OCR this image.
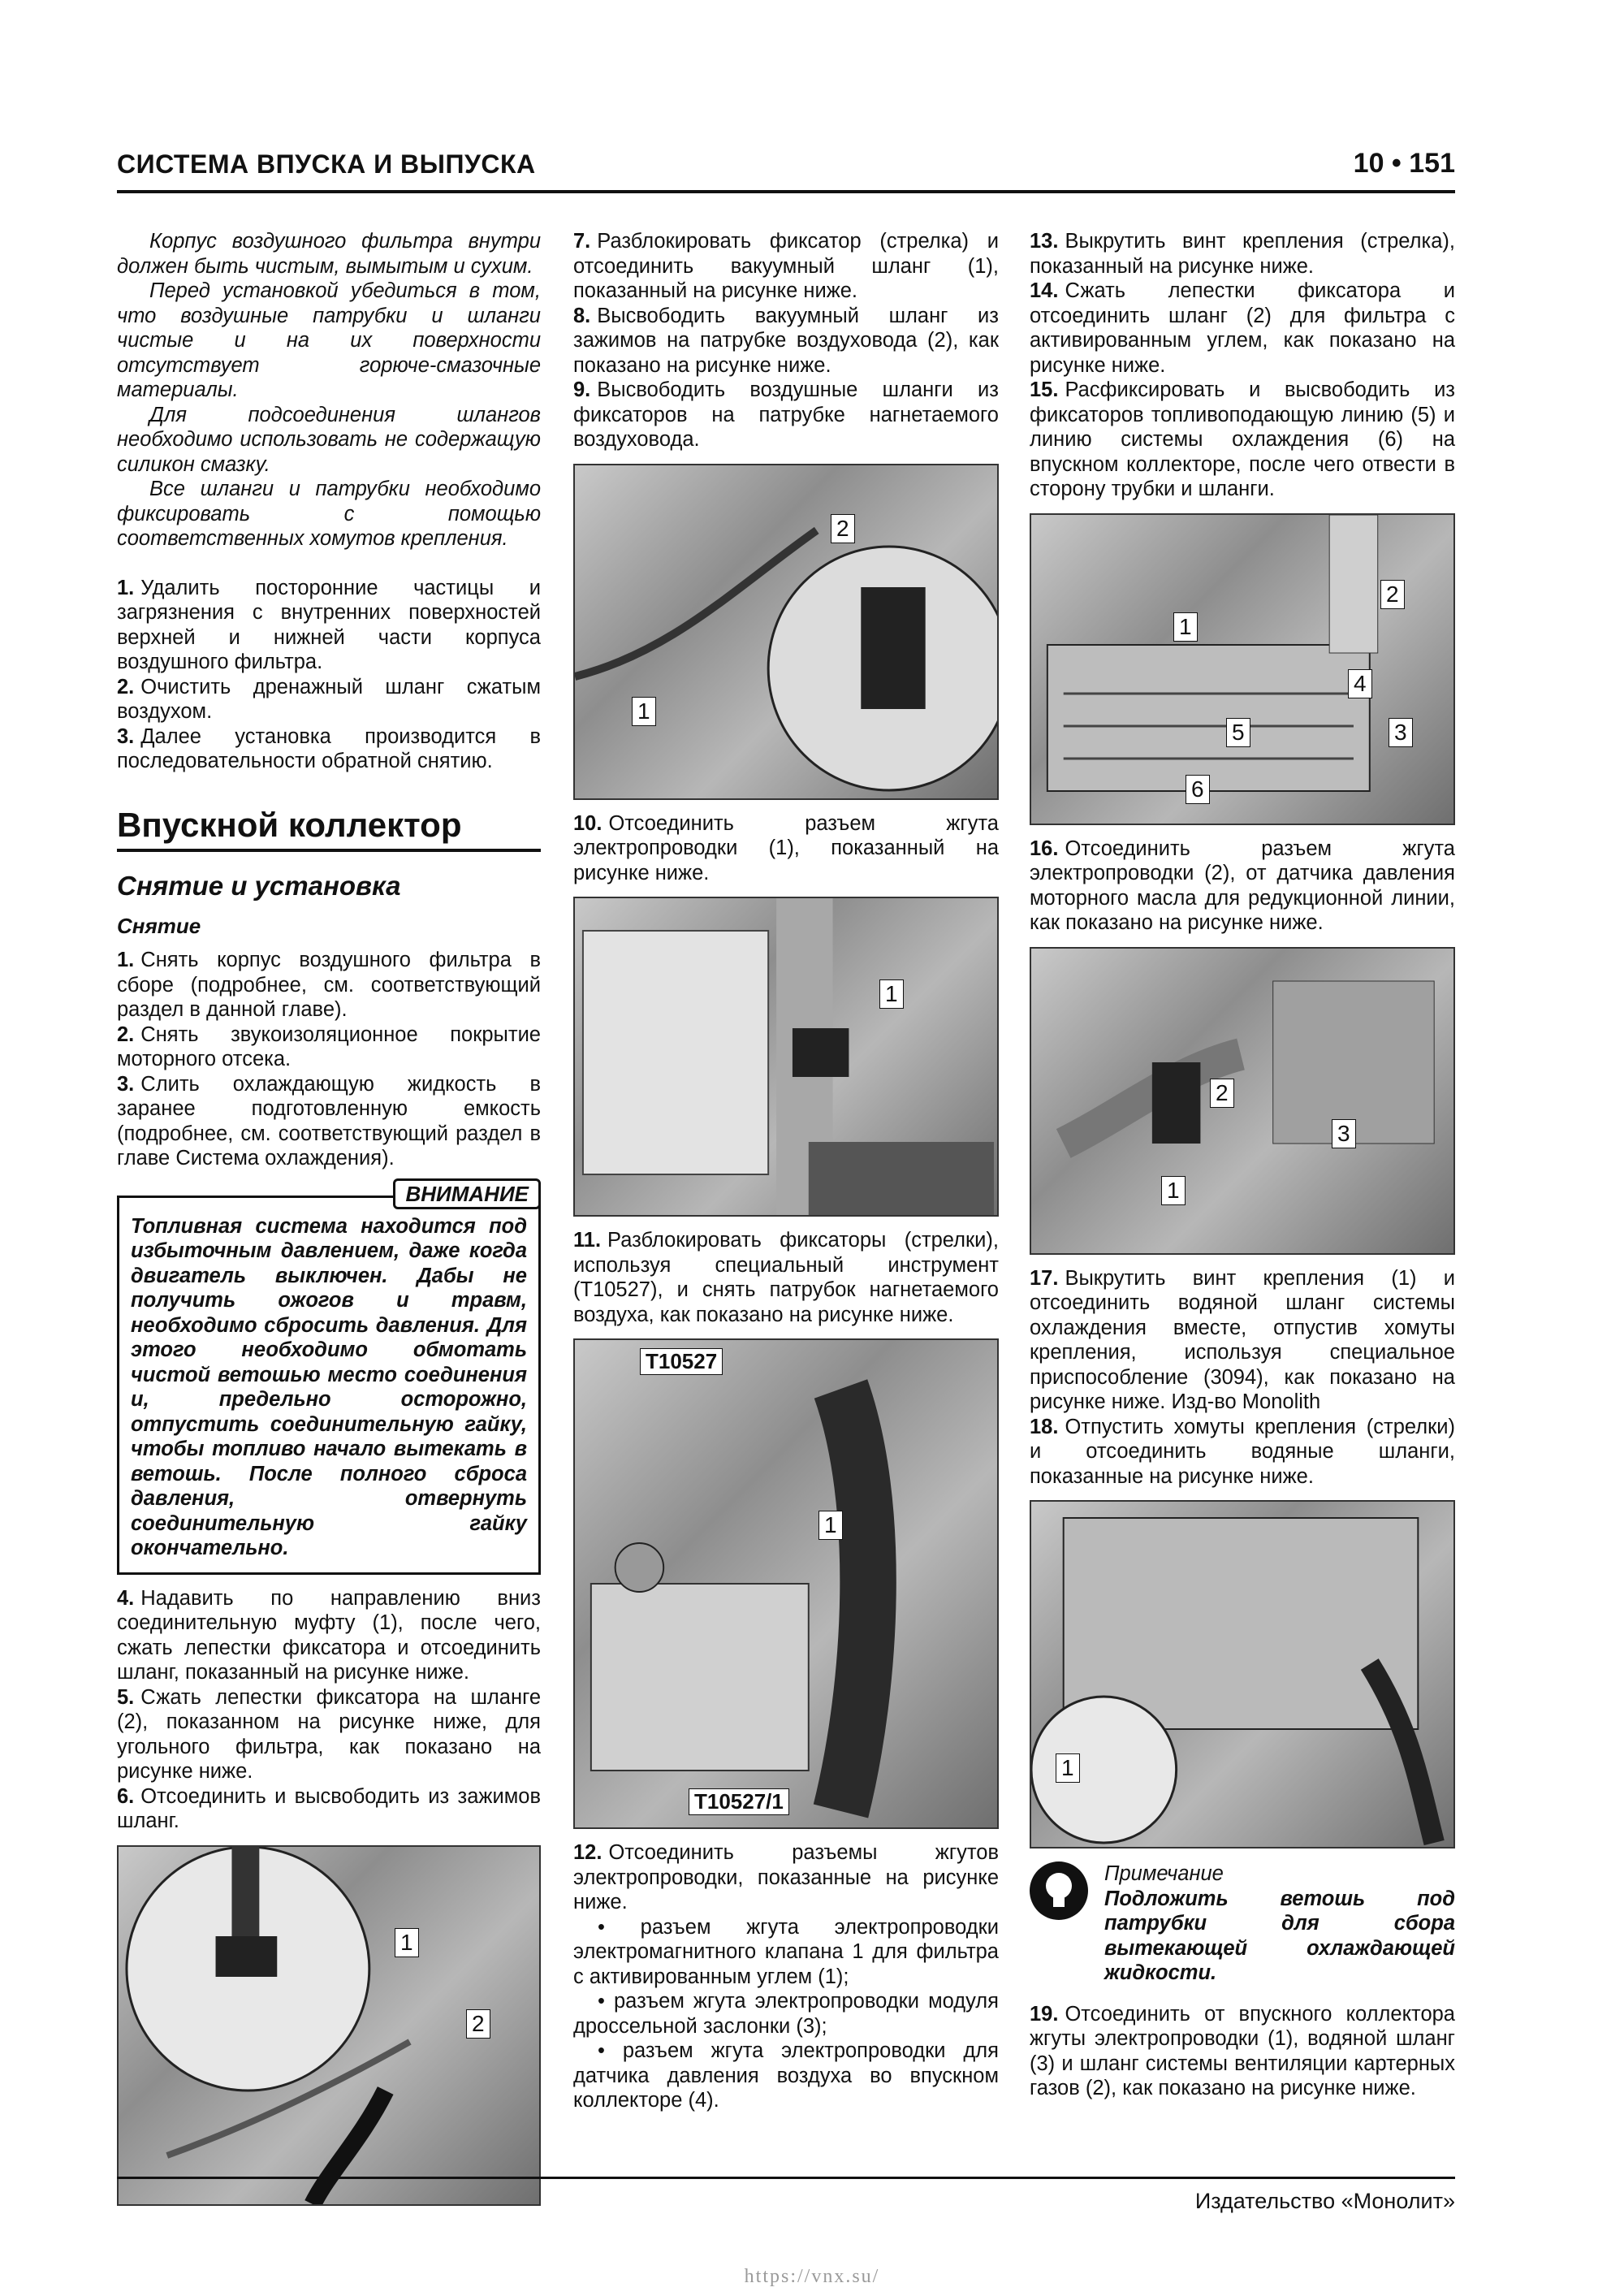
СИСТЕМА ВПУСКА И ВЫПУСКА	10 • 151

Корпус воздушного фильтра внутри должен быть чистым, вымытым и сухим.

Перед установкой убедиться в том, что воздушные патрубки и шланги чистые и на их поверхности отсутствует горюче-смазочные материалы.

Для подсоединения шлангов необходимо использовать не содержащую силикон смазку.

Все шланги и патрубки необходимо фиксировать с помощью соответственных хомутов крепления.

1. Удалить посторонние частицы и загрязнения с внутренних поверхностей верхней и нижней части корпуса воздушного фильтра.

2. Очистить дренажный шланг сжатым воздухом.

3. Далее установка производится в последовательности обратной снятию.

Впускной коллектор
Снятие и установка
Снятие

1. Снять корпус воздушного фильтра в сборе (подробнее, см. соответствующий раздел в данной главе).

2. Снять звукоизоляционное покрытие моторного отсека.

3. Слить охлаждающую жидкость в заранее подготовленную емкость (подробнее, см. соответствующий раздел в главе Система охлаждения).

ВНИМАНИЕ

Топливная система находится под избыточным давлением, даже когда двигатель выключен. Дабы не получить ожогов и травм, необходимо сбросить давления. Для этого необходимо обмотать чистой ветошью место соединения и, предельно осторожно, отпустить соединительную гайку, чтобы топливо начало вытекать в ветошь. После полного сброса давления, отвернуть соединительную гайку окончательно.

4. Надавить по направлению вниз соединительную муфту (1), после чего, сжать лепестки фиксатора и отсоединить шланг, показанный на рисунке ниже.

5. Сжать лепестки фиксатора на шланге (2), показанном на рисунке ниже, для угольного фильтра, как показано на рисунке ниже.

6. Отсоединить и высвободить из зажимов шланг.

1
2

7. Разблокировать фиксатор (стрелка) и отсоединить вакуумный шланг (1), показанный на рисунке ниже.

8. Высвободить вакуумный шланг из зажимов на патрубке воздуховода (2), как показано на рисунке ниже.

9. Высвободить воздушные шланги из фиксаторов на патрубке нагнетаемого воздуховода.

2
1

10. Отсоединить разъем жгута электропроводки (1), показанный на рисунке ниже.

1

11. Разблокировать фиксаторы (стрелки), используя специальный инструмент (T10527), и снять патрубок нагнетаемого воздуха, как показано на рисунке ниже.

T10527
T10527/1
1

12. Отсоединить разъемы жгутов электропроводки, показанные на рисунке ниже.

• разъем жгута электропроводки электромагнитного клапана 1 для фильтра с активированным углем (1);

• разъем жгута электропроводки модуля дроссельной заслонки (3);

• разъем жгута электропроводки для датчика давления воздуха во впускном коллекторе (4).

13. Выкрутить винт крепления (стрелка), показанный на рисунке ниже.

14. Сжать лепестки фиксатора и отсоединить шланг (2) для фильтра с активированным углем, как показано на рисунке ниже.

15. Расфиксировать и высвободить из фиксаторов топливоподающую линию (5) и линию системы охлаждения (6) на впускном коллекторе, после чего отвести в сторону трубки и шланги.

1
2
4
5	3
6

16. Отсоединить разъем жгута электропроводки (2), от датчика давления моторного масла для редукционной линии, как показано на рисунке ниже.

2
3
1

17. Выкрутить винт крепления (1) и отсоединить водяной шланг системы охлаждения вместе, отпустив хомуты крепления, используя специальное приспособление (3094), как показано на рисунке ниже. Изд-во Monolith

18. Отпустить хомуты крепления (стрелки) и отсоединить водяные шланги, показанные на рисунке ниже.

1

Примечание

Подложить ветошь под патрубки для сбора вытекающей охлаждающей жидкости.

19. Отсоединить от впускного коллектора жгуты электропроводки (1), водяной шланг (3) и шланг системы вентиляции картерных газов (2), как показано на рисунке ниже.

Издательство «Монолит»
https://vnx.su/
